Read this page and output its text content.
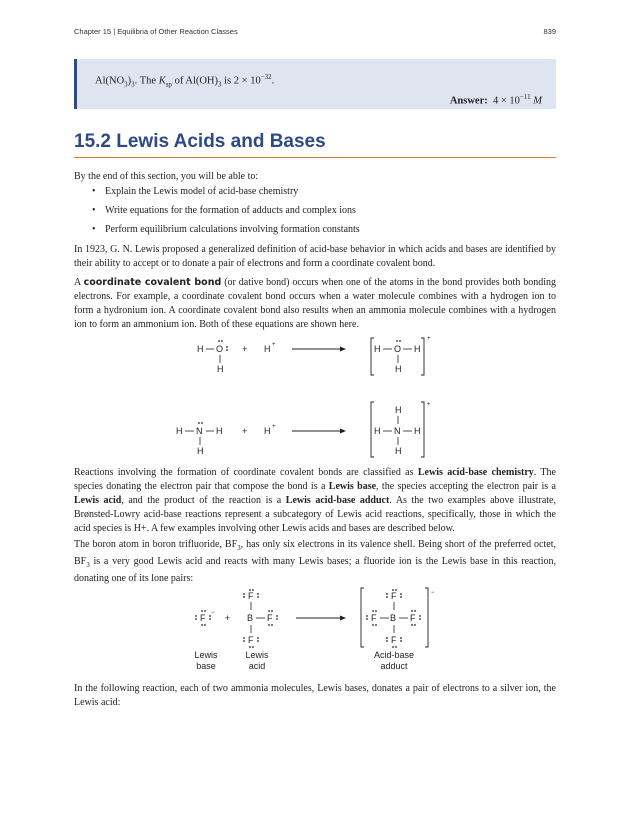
Chapter 15 | Equilibria of Other Reaction Classes	839
$Al(NO_3)_3$. The $K_{sp}$ of $Al(OH)_3$ is $2 \times 10^{-32}$.
Answer:  $4 \times 10^{-11}$ M
15.2 Lewis Acids and Bases
By the end of this section, you will be able to:
• Explain the Lewis model of acid-base chemistry
• Write equations for the formation of adducts and complex ions
• Perform equilibrium calculations involving formation constants
In 1923, G. N. Lewis proposed a generalized definition of acid-base behavior in which acids and bases are identified by their ability to accept or to donate a pair of electrons and form a coordinate covalent bond.
A coordinate covalent bond (or dative bond) occurs when one of the atoms in the bond provides both bonding electrons. For example, a coordinate covalent bond occurs when a water molecule combines with a hydrogen ion to form a hydronium ion. A coordinate covalent bond also results when an ammonia molecule combines with a hydrogen ion to form an ammonium ion. Both of these equations are shown here.
H O
H
+ H +
+
H O H
H
H N H
H
+ H +
+
H
H N H
H
Reactions involving the formation of coordinate covalent bonds are classified as Lewis acid-base chemistry. The species donating the electron pair that compose the bond is a Lewis base, the species accepting the electron pair is a Lewis acid, and the product of the reaction is a Lewis acid-base adduct. As the two examples above illustrate, Brønsted-Lowry acid-base reactions represent a subcategory of Lewis acid reactions, specifically, those in which the acid species is H+. A few examples involving other Lewis acids and bases are described below.
The boron atom in boron trifluoride, $BF_3$, has only six electrons in its valence shell. Being short of the preferred octet, $BF_3$ is a very good Lewis acid and reacts with many Lewis bases; a fluoride ion is the Lewis base in this reaction, donating one of its lone pairs:
F − +
F
B F
F
−
F
F B F
F
Lewis
base
Lewis
acid
Acid-base
adduct
In the following reaction, each of two ammonia molecules, Lewis bases, donates a pair of electrons to a silver ion, the Lewis acid:
